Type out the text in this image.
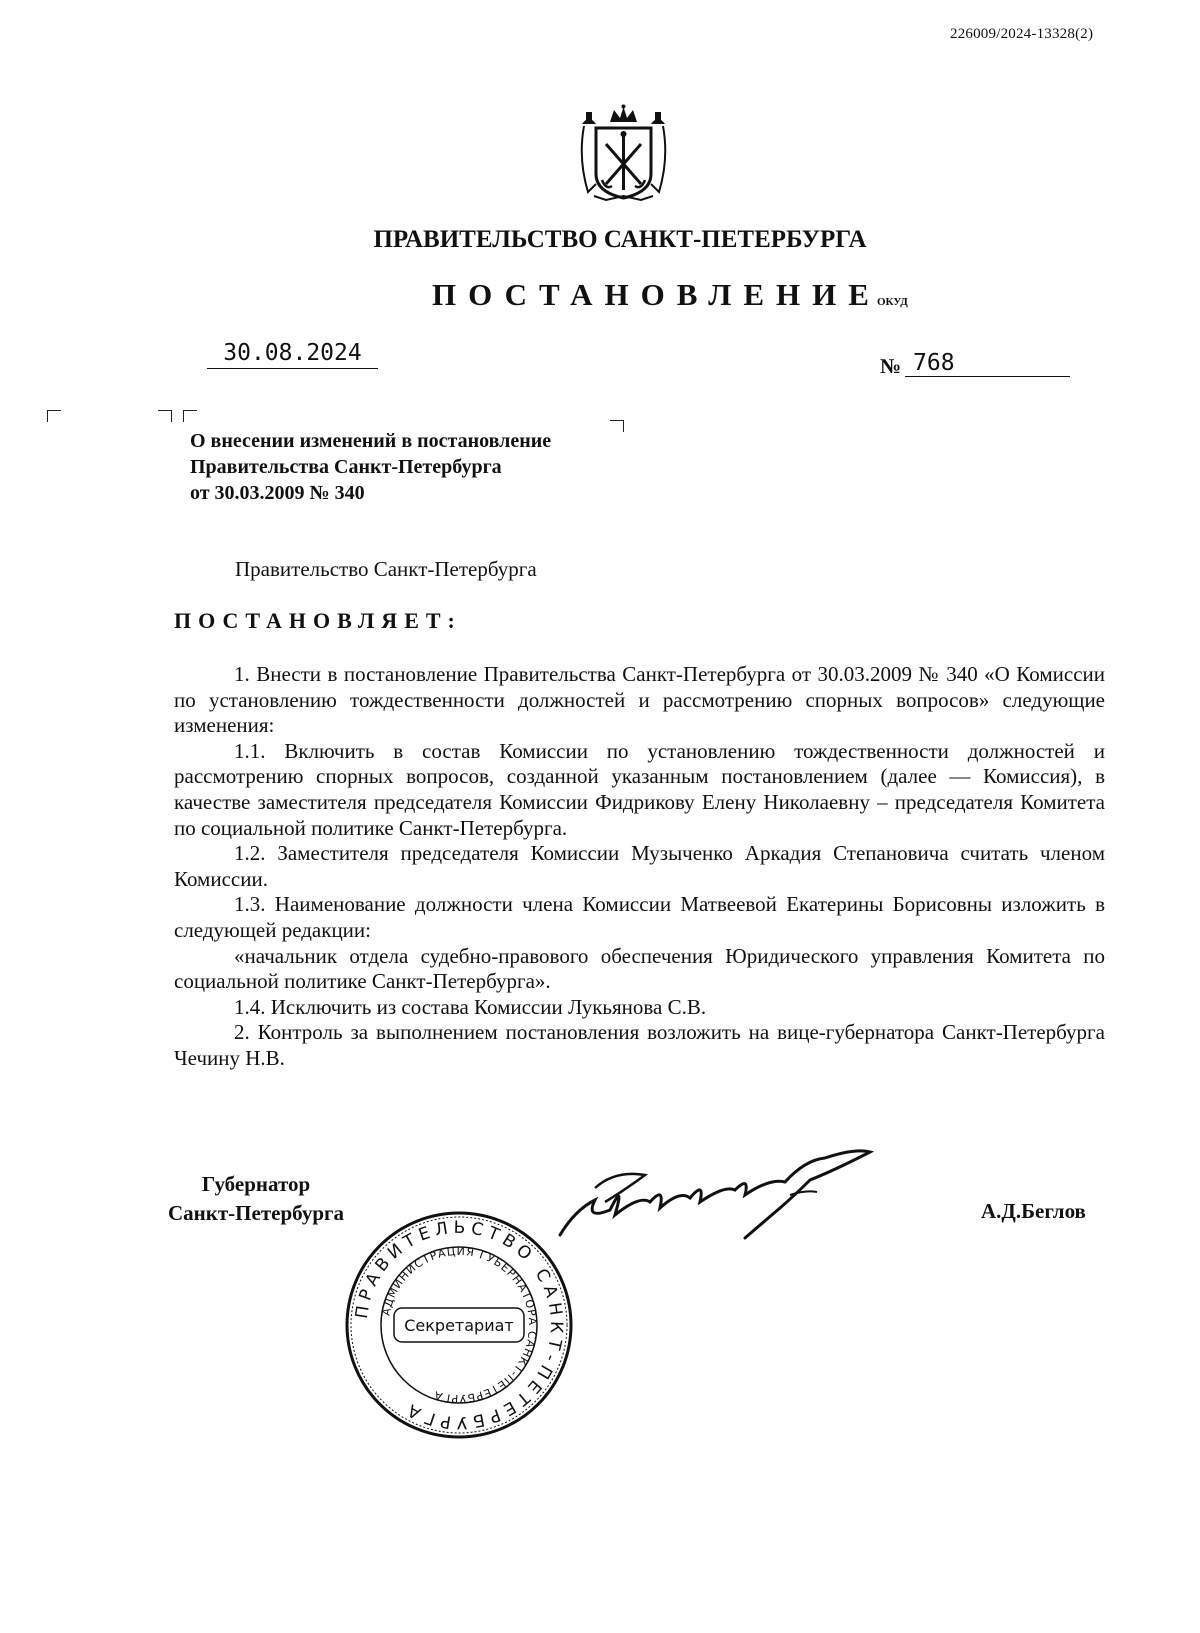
226009/2024-13328(2)
ПРАВИТЕЛЬСТВО САНКТ-ПЕТЕРБУРГА
ПОСТАНОВЛЕНИЕ
ОКУД
30.08.2024	№ 768
О внесении изменений в постановление
Правительства Санкт-Петербурга
от 30.03.2009 № 340
Правительство Санкт-Петербурга
ПОСТАНОВЛЯЕТ:

1. Внести в постановление Правительства Санкт-Петербурга от 30.03.2009 № 340 «О Комиссии по установлению тождественности должностей и рассмотрению спорных вопросов» следующие изменения:

1.1. Включить в состав Комиссии по установлению тождественности должностей и рассмотрению спорных вопросов, созданной указанным постановлением (далее — Комиссия), в качестве заместителя председателя Комиссии Фидрикову Елену Николаевну – председателя Комитета по социальной политике Санкт-Петербурга.

1.2. Заместителя председателя Комиссии Музыченко Аркадия Степановича считать членом Комиссии.

1.3. Наименование должности члена Комиссии Матвеевой Екатерины Борисовны изложить в следующей редакции:

«начальник отдела судебно-правового обеспечения Юридического управления Комитета по социальной политике Санкт-Петербурга».

1.4. Исключить из состава Комиссии Лукьянова С.В.

2. Контроль за выполнением постановления возложить на вице-губернатора Санкт-Петербурга Чечину Н.В.

Губернатор
Санкт-Петербурга	А.Д.Беглов
ПРАВИТЕЛЬСТВО САНКТ-ПЕТЕРБУРГА
АДМИНИСТРАЦИЯ ГУБЕРНАТОРА САНКТ-ПЕТЕРБУРГА
Секретариат
